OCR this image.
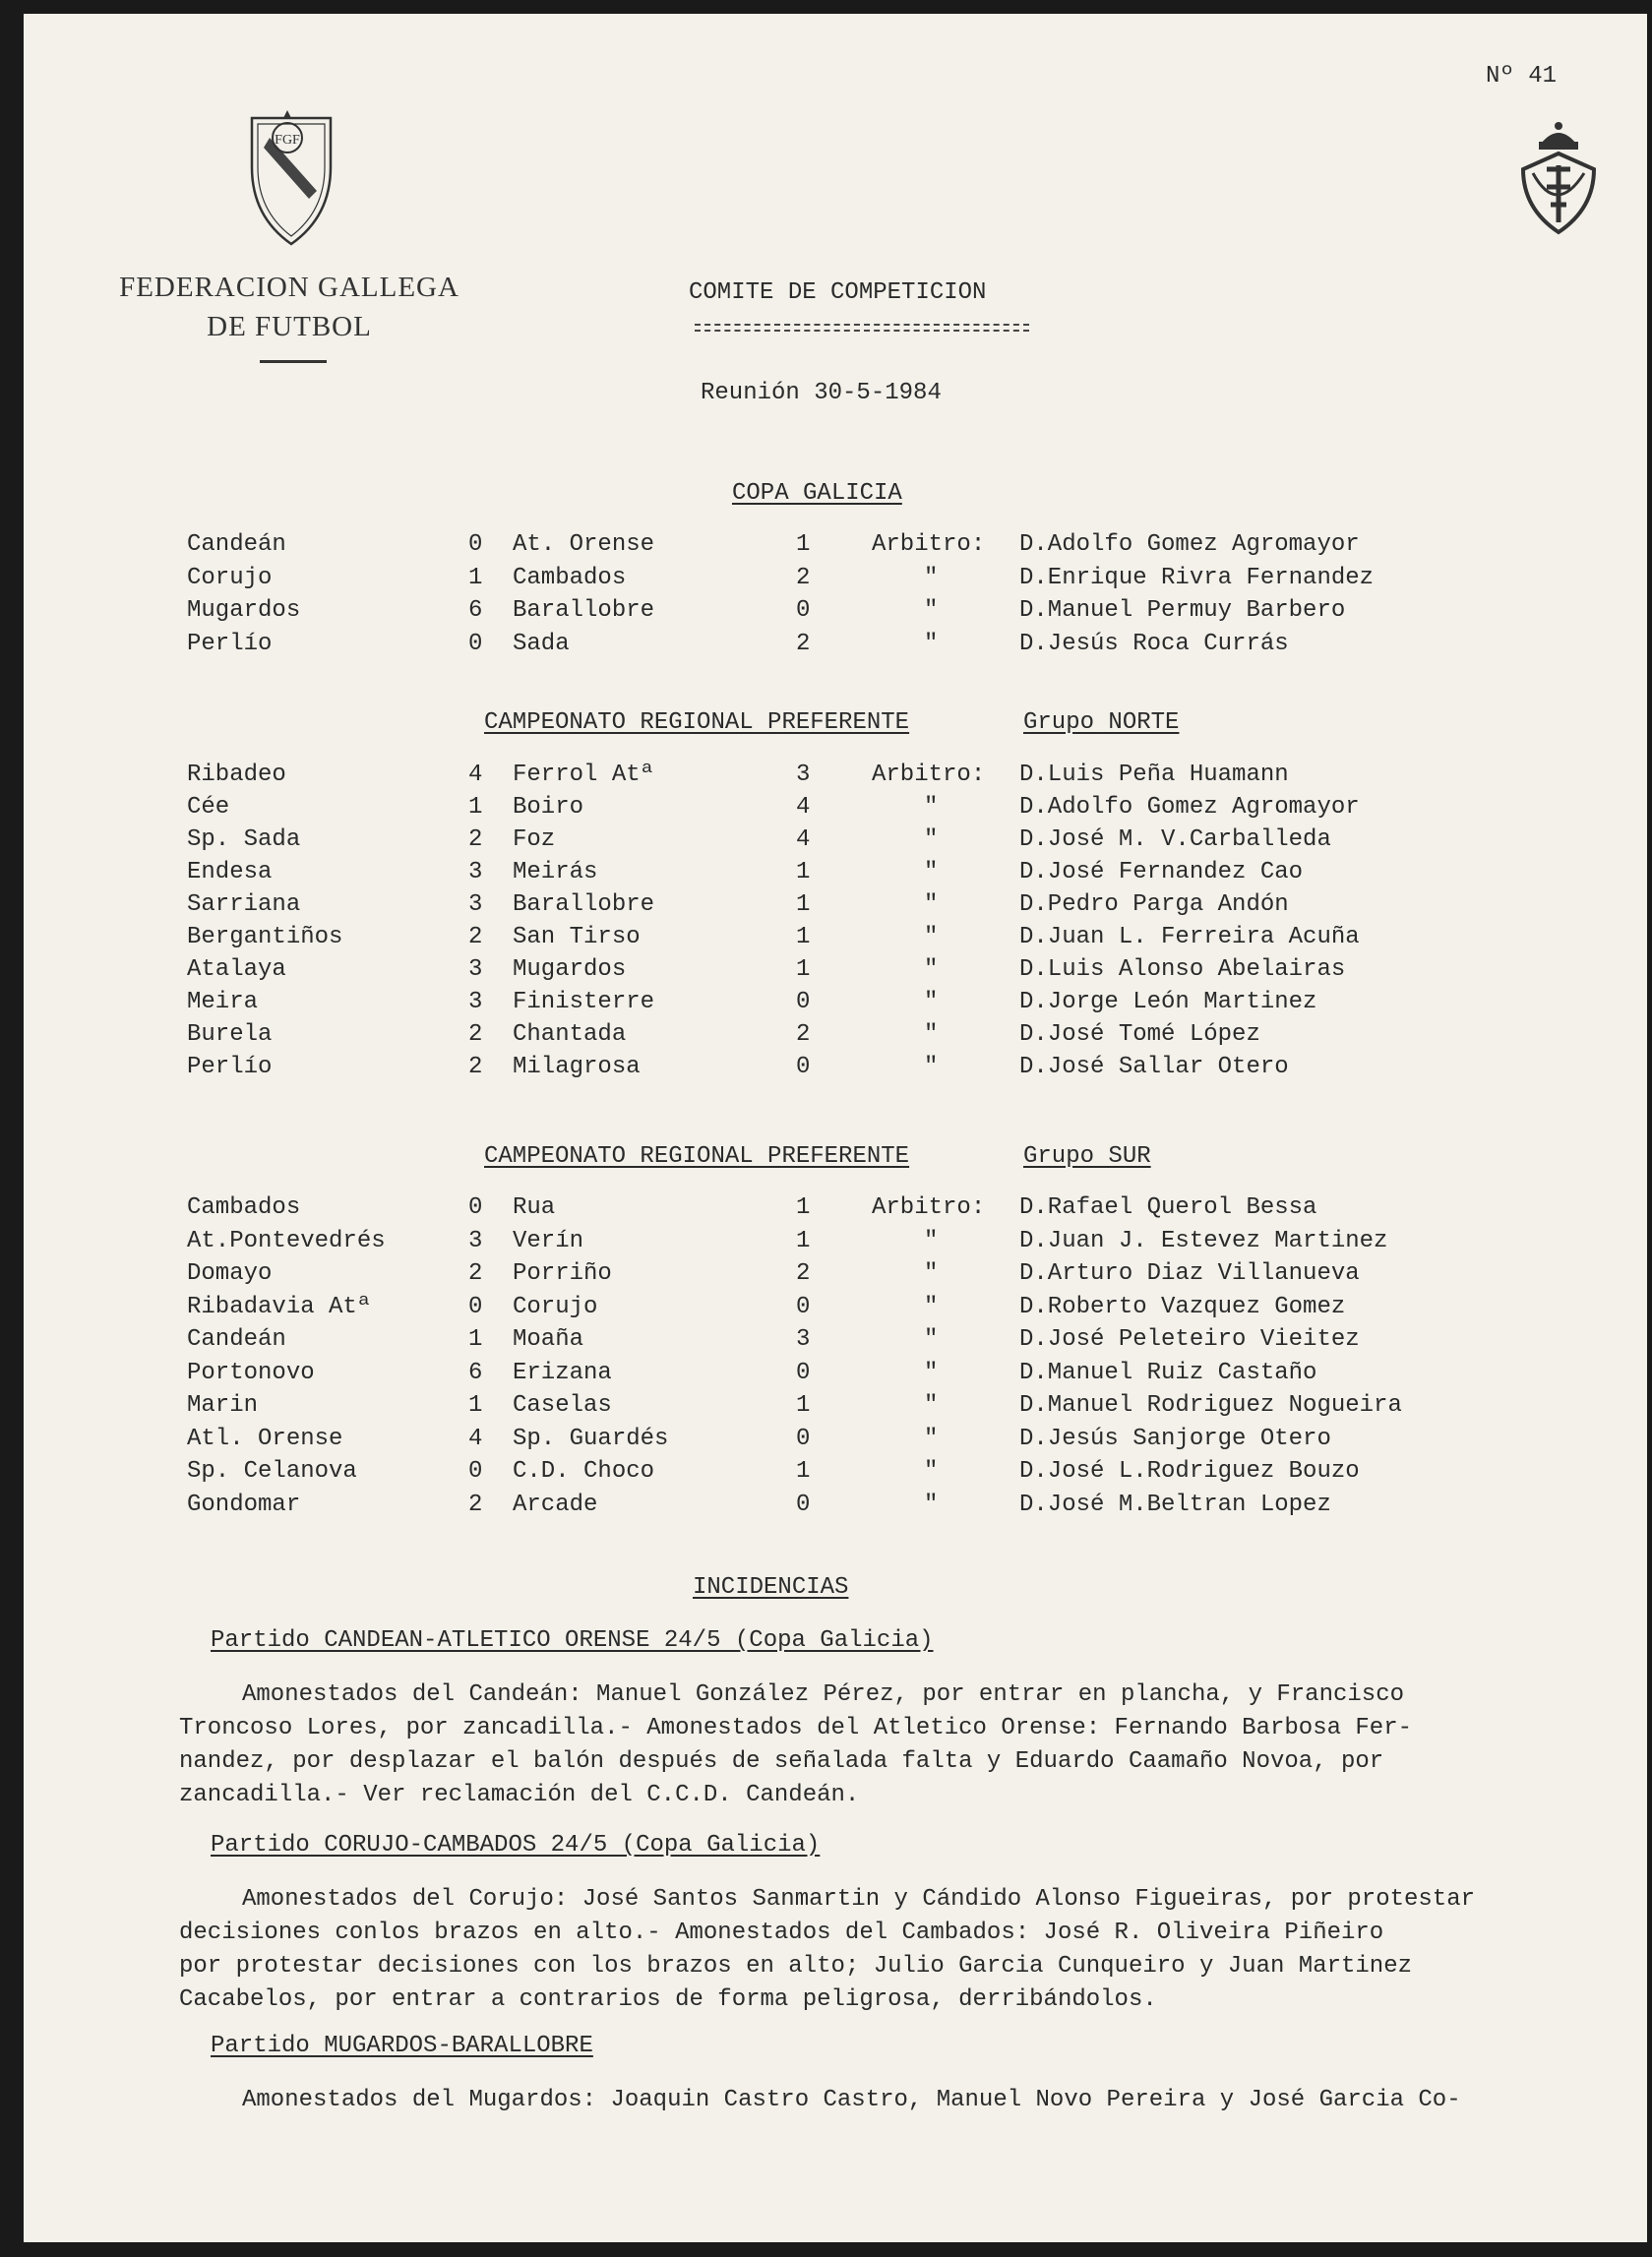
Nº 41
FGF
FEDERACION GALLEGA
DE FUTBOL
COMITE DE COMPETICION
Reunión 30-5-1984
COPA GALICIA
CAMPEONATO REGIONAL PREFERENTE	Grupo NORTE
CAMPEONATO REGIONAL PREFERENTE	Grupo SUR
Candeán	0 At. Orense	1	Arbitro: D.Adolfo Gomez Agromayor
Corujo	1 Cambados	2	"	D.Enrique Rivra Fernandez
Mugardos	6 Barallobre	0	"	D.Manuel Permuy Barbero
Perlío	0 Sada	2	"	D.Jesús Roca Currás
Ribadeo	4 Ferrol Atª	3	Arbitro: D.Luis Peña Huamann
Cée	1 Boiro	4	"	D.Adolfo Gomez Agromayor
Sp. Sada	2 Foz	4	"	D.José M. V.Carballeda
Endesa	3 Meirás	1	"	D.José Fernandez Cao
Sarriana	3 Barallobre	1	"	D.Pedro Parga Andón
Bergantiños	2 San Tirso	1	"	D.Juan L. Ferreira Acuña
Atalaya	3 Mugardos	1	"	D.Luis Alonso Abelairas
Meira	3 Finisterre	0	"	D.Jorge León Martinez
Burela	2 Chantada	2	"	D.José Tomé López
Perlío	2 Milagrosa	0	"	D.José Sallar Otero
Cambados	0 Rua	1	Arbitro: D.Rafael Querol Bessa
At.Pontevedrés	3 Verín	1	"	D.Juan J. Estevez Martinez
Domayo	2 Porriño	2	"	D.Arturo Diaz Villanueva
Ribadavia Atª	0 Corujo	0	"	D.Roberto Vazquez Gomez
Candeán	1 Moaña	3	"	D.José Peleteiro Vieitez
Portonovo	6 Erizana	0	"	D.Manuel Ruiz Castaño
Marin	1 Caselas	1	"	D.Manuel Rodriguez Nogueira
Atl. Orense	4 Sp. Guardés	0	"	D.Jesús Sanjorge Otero
Sp. Celanova	0 C.D. Choco	1	"	D.José L.Rodriguez Bouzo
Gondomar	2 Arcade	0	"	D.José M.Beltran Lopez
INCIDENCIAS
Partido CANDEAN-ATLETICO ORENSE 24/5 (Copa Galicia)
Amonestados del Candeán: Manuel González Pérez, por entrar en plancha, y Francisco
Troncoso Lores, por zancadilla.- Amonestados del Atletico Orense: Fernando Barbosa Fer-
nandez, por desplazar el balón después de señalada falta y Eduardo Caamaño Novoa, por
zancadilla.- Ver reclamación del C.C.D. Candeán.
Partido CORUJO-CAMBADOS 24/5 (Copa Galicia)
Amonestados del Corujo: José Santos Sanmartin y Cándido Alonso Figueiras, por protestar
decisiones conlos brazos en alto.- Amonestados del Cambados: José R. Oliveira Piñeiro
por protestar decisiones con los brazos en alto; Julio Garcia Cunqueiro y Juan Martinez
Cacabelos, por entrar a contrarios de forma peligrosa, derribándolos.
Partido MUGARDOS-BARALLOBRE
Amonestados del Mugardos: Joaquin Castro Castro, Manuel Novo Pereira y José Garcia Co-
